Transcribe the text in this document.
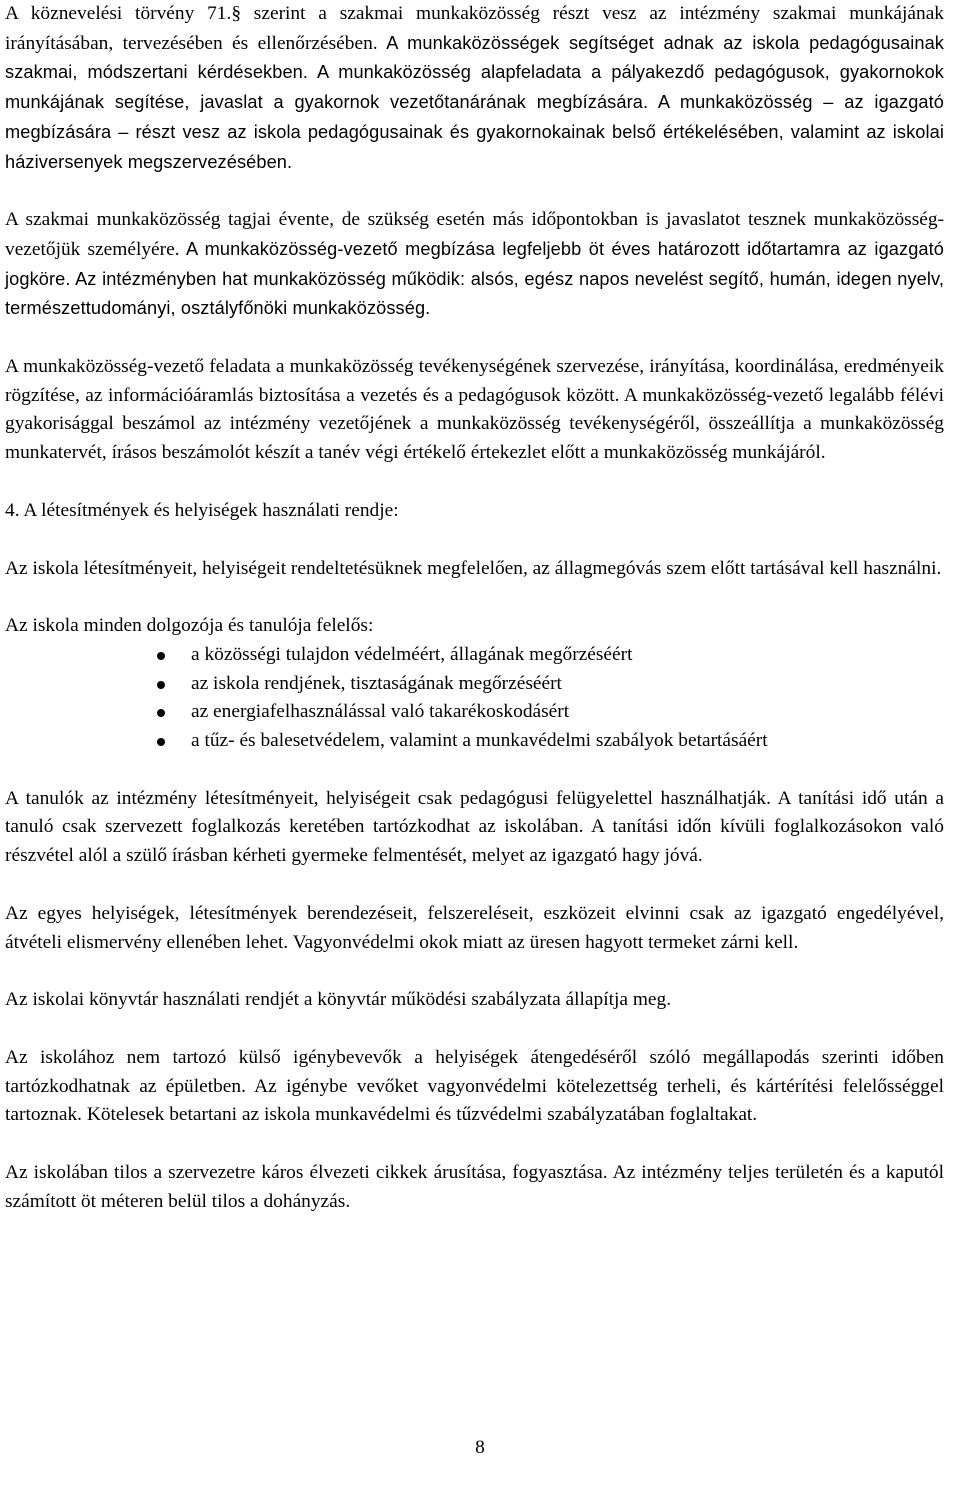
A köznevelési törvény 71.§ szerint a szakmai munkaközösség részt vesz az intézmény szakmai munkájának irányításában, tervezésében és ellenőrzésében. A munkaközösségek segítséget adnak az iskola pedagógusainak szakmai, módszertani kérdésekben. A munkaközösség alapfeladata a pályakezdő pedagógusok, gyakornokok munkájának segítése, javaslat a gyakornok vezetőtanárának megbízására. A munkaközösség – az igazgató megbízására – részt vesz az iskola pedagógusainak és gyakornokainak belső értékelésében, valamint az iskolai háziversenyek megszervezésében.

A szakmai munkaközösség tagjai évente, de szükség esetén más időpontokban is javaslatot tesznek munkaközösség-vezetőjük személyére. A munkaközösség-vezető megbízása legfeljebb öt éves határozott időtartamra az igazgató jogköre. Az intézményben hat munkaközösség működik: alsós, egész napos nevelést segítő, humán, idegen nyelv, természettudományi, osztályfőnöki munkaközösség.

A munkaközösség-vezető feladata a munkaközösség tevékenységének szervezése, irányítása, koordinálása, eredményeik rögzítése, az információáramlás biztosítása a vezetés és a pedagógusok között. A munkaközösség-vezető legalább félévi gyakorisággal beszámol az intézmény vezetőjének a munkaközösség tevékenységéről, összeállítja a munkaközösség munkatervét, írásos beszámolót készít a tanév végi értékelő értekezlet előtt a munkaközösség munkájáról.

4. A létesítmények és helyiségek használati rendje:

Az iskola létesítményeit, helyiségeit rendeltetésüknek megfelelően, az állagmegóvás szem előtt tartásával kell használni.

Az iskola minden dolgozója és tanulója felelős:

a közösségi tulajdon védelméért, állagának megőrzéséért
az iskola rendjének, tisztaságának megőrzéséért
az energiafelhasználással való takarékoskodásért
a tűz- és balesetvédelem, valamint a munkavédelmi szabályok betartásáért

A tanulók az intézmény létesítményeit, helyiségeit csak pedagógusi felügyelettel használhatják. A tanítási idő után a tanuló csak szervezett foglalkozás keretében tartózkodhat az iskolában. A tanítási időn kívüli foglalkozásokon való részvétel alól a szülő írásban kérheti gyermeke felmentését, melyet az igazgató hagy jóvá.

Az egyes helyiségek, létesítmények berendezéseit, felszereléseit, eszközeit elvinni csak az igazgató engedélyével, átvételi elismervény ellenében lehet. Vagyonvédelmi okok miatt az üresen hagyott termeket zárni kell.

Az iskolai könyvtár használati rendjét a könyvtár működési szabályzata állapítja meg.

Az iskolához nem tartozó külső igénybevevők a helyiségek átengedéséről szóló megállapodás szerinti időben tartózkodhatnak az épületben. Az igénybe vevőket vagyonvédelmi kötelezettség terheli, és kártérítési felelősséggel tartoznak. Kötelesek betartani az iskola munkavédelmi és tűzvédelmi szabályzatában foglaltakat.

Az iskolában tilos a szervezetre káros élvezeti cikkek árusítása, fogyasztása. Az intézmény teljes területén és a kaputól számított öt méteren belül tilos a dohányzás.

8
